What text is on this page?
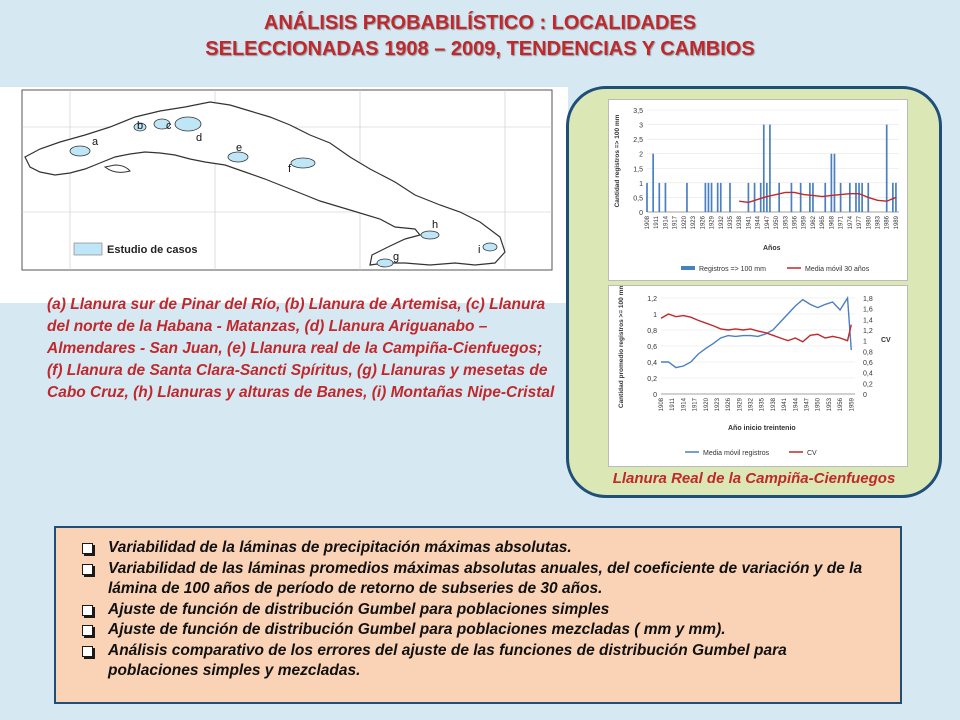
ANÁLISIS PROBABILÍSTICO : LOCALIDADES
SELECCIONADAS 1908 – 2009, TENDENCIAS Y CAMBIOS
a
b c
d
e
f
g
h
i
Estudio de casos
(a) Llanura sur de Pinar del Río, (b) Llanura de Artemisa, (c) Llanura del norte de la Habana - Matanzas, (d) Llanura Ariguanabo – Almendares - San Juan, (e) Llanura real de la Campiña-Cienfuegos; (f) Llanura de Santa Clara-Sancti Spíritus, (g) Llanuras y mesetas de Cabo Cruz, (h) Llanuras y alturas de Banes, (i) Montañas Nipe-Cristal
0
0,5
1
1,5
2
2,5
3
3,5
1908 1911 1914 1917 1920 1923 1926 1929 1932 1935 1938 1941 1944 1947 1950 1953 1956 1959 1962 1965 1968 1971 1974 1977 1980 1983 1986 1989
Cantidad registros => 100 mm
Años
Registros => 100 mm	Media móvil 30 años
0
0,2
0,4
0,6
0,8
1
1,2
0
0,2
0,4
0,6
0,8
1
1,2
1,4
1,6
1,8
1908 1911 1914 1917 1920 1923 1926 1929 1932 1935 1938 1941 1944 1947 1950 1953 1956 1959
Cantidad promedio registros >= 100 mm	CV
Año inicio treintenio
Media móvil registros	CV
Llanura Real de la Campiña-Cienfuegos
Variabilidad de la láminas de precipitación máximas absolutas.
Variabilidad de las láminas promedios máximas absolutas anuales, del coeficiente de variación y de la lámina de 100 años de período de retorno de subseries de 30 años.
Ajuste de función de distribución Gumbel para poblaciones simples
Ajuste de función de distribución Gumbel para poblaciones mezcladas ( mm y mm).
Análisis comparativo de los errores del ajuste de las funciones de distribución Gumbel para poblaciones simples y mezcladas.
